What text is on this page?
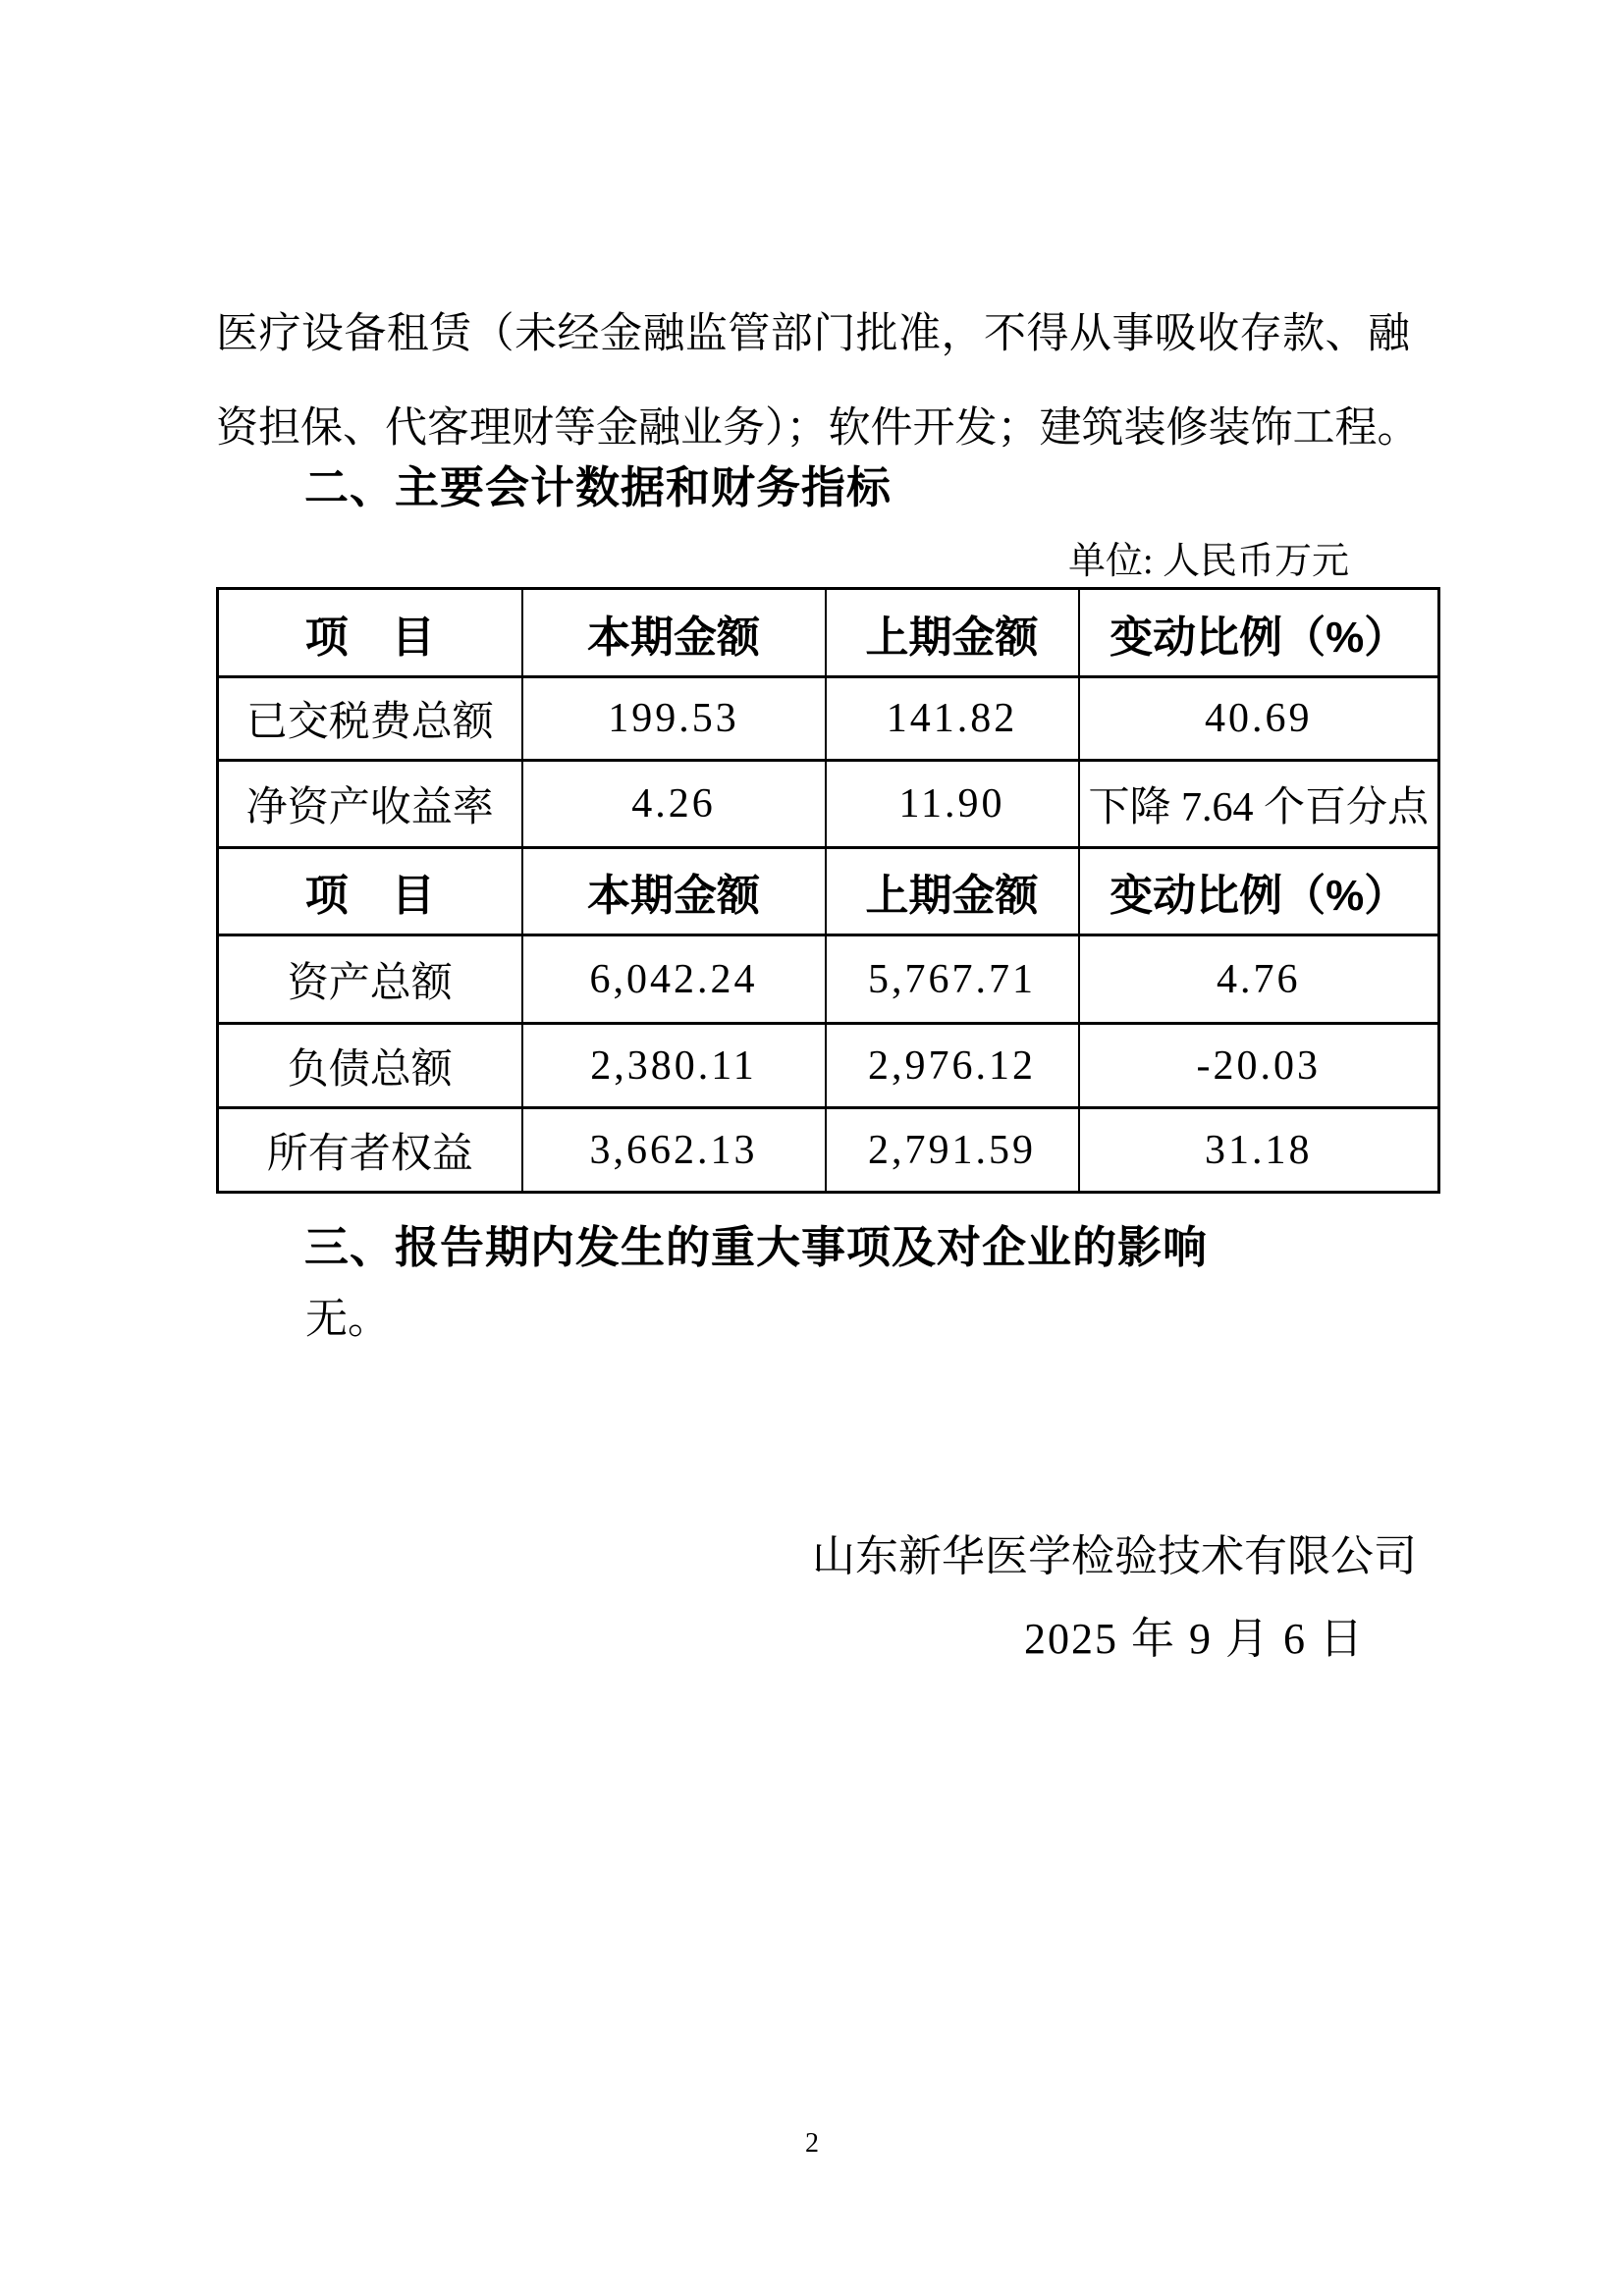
医疗设备租赁（未经金融监管部门批准，不得从事吸收存款、融
资担保、代客理财等金融业务）；软件开发；建筑装修装饰工程。
二、主要会计数据和财务指标
单位: 人民币万元
项　目	本期金额	上期金额	变动比例（%）
已交税费总额	199.53	141.82	40.69
净资产收益率	4.26	11.90	下降 7.64 个百分点
项　目	本期金额	上期金额	变动比例（%）
资产总额	6,042.24	5,767.71	4.76
负债总额	2,380.11	2,976.12	-20.03
所有者权益	3,662.13	2,791.59	31.18
三、报告期内发生的重大事项及对企业的影响
无。
山东新华医学检验技术有限公司
2025 年 9 月 6 日
2
